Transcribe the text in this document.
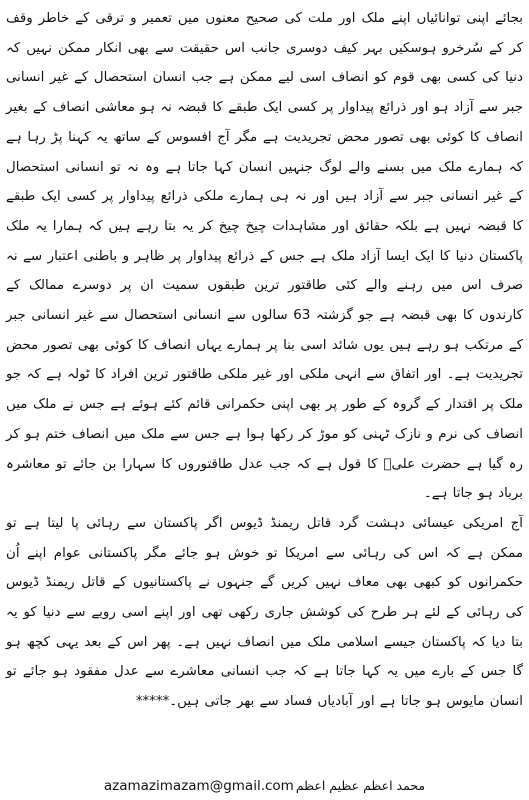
بجائے اپنی توانائیاں اپنے ملک اور ملت کی صحیح معنوں میں تعمیر و ترقی کے خاطر وقف کر کے سُرخرو ہوسکیں بہر کیف دوسری جانب اس حقیقت سے بھی انکار ممکن نہیں کہ دنیا کی کسی بھی قوم کو انصاف اسی لیے ممکن ہے جب انسان استحصال کے غیر انسانی جبر سے آزاد ہو اور ذرائع پیداوار پر کسی ایک طبقے کا قبضہ نہ ہو معاشی انصاف کے بغیر انصاف کا کوئی بھی تصور محض تجریدیت ہے مگر آج افسوس کے ساتھ یہ کہنا پڑ رہا ہے کہ ہمارے ملک میں بسنے والے لوگ جنہیں انسان کہا جاتا ہے وہ نہ تو انسانی استحصال کے غیر انسانی جبر سے آزاد ہیں اور نہ ہی ہمارے ملکی ذرائع پیداوار پر کسی ایک طبقے کا قبضہ نہیں ہے بلکہ حقائق اور مشاہدات چیخ چیخ کر یہ بتا رہے ہیں کہ ہمارا یہ ملک پاکستان دنیا کا ایک ایسا آزاد ملک ہے جس کے ذرائع پیداوار پر ظاہر و باطنی اعتبار سے نہ صرف اس میں رہنے والے کئی طاقتور ترین طبقوں سمیت ان پر دوسرے ممالک کے کارندوں کا بھی قبضہ ہے جو گزشتہ 63 سالوں سے انسانی استحصال سے غیر انسانی جبر کے مرتکب ہو رہے ہیں یوں شائد اسی بنا پر ہمارے یہاں انصاف کا کوئی بھی تصور محض تجریدیت ہے۔ اور اتفاق سے انہی ملکی اور غیر ملکی طاقتور ترین افراد کا ٹولہ ہے کہ جو ملک پر اقتدار کے گروہ کے طور پر بھی اپنی حکمرانی قائم کئے ہوئے ہے جس نے ملک میں انصاف کی نرم و نازک ٹہنی کو موڑ کر رکھا ہوا ہے جس سے ملک میں انصاف ختم ہو کر رہ گیا ہے حضرت علیؓ کا قول ہے کہ جب عدل طاقتوروں کا سہارا بن جائے تو معاشرہ برباد ہو جاتا ہے۔

آج امریکی عیسائی دہشت گرد قاتل ریمنڈ ڈیوس اگر پاکستان سے رہائی پا لیتا ہے تو ممکن ہے کہ اس کی رہائی سے امریکا تو خوش ہو جائے مگر پاکستانی عوام اپنے اُن حکمرانوں کو کبھی بھی معاف نہیں کریں گے جنہوں نے پاکستانیوں کے قاتل ریمنڈ ڈیوس کی رہائی کے لئے ہر طرح کی کوشش جاری رکھی تھی اور اپنے اسی رویے سے دنیا کو یہ بتا دیا کہ پاکستان جیسے اسلامی ملک میں انصاف نہیں ہے۔ پھر اس کے بعد یہی کچھ ہو گا جس کے بارے میں یہ کہا جاتا ہے کہ جب انسانی معاشرے سے عدل مفقود ہو جائے تو انسان مایوس ہو جاتا ہے اور آبادیاں فساد سے بھر جاتی ہیں۔*****

azamazimazam@gmail.com محمد اعظم عظیم اعظم
